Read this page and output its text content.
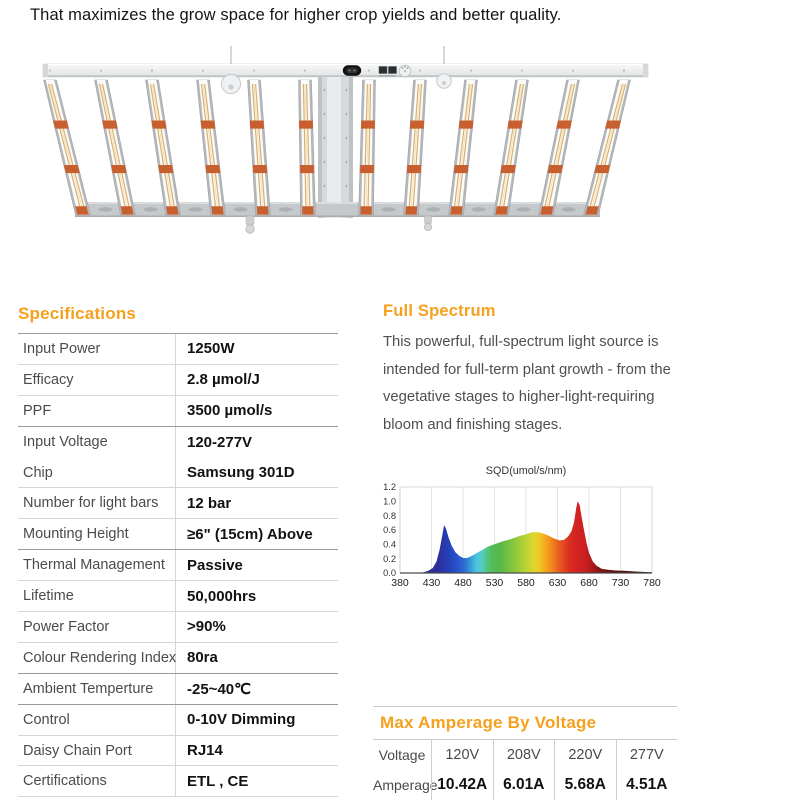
That maximizes the grow space for higher crop yields and better quality.
Specifications
Input Power	1250W
Efficacy	2.8 µmol/J
PPF	3500 µmol/s
Input Voltage	120-277V
Chip	Samsung 301D
Number for light bars	12 bar
Mounting Height	≥6" (15cm) Above
Thermal Management	Passive
Lifetime	50,000hrs
Power Factor	>90%
Colour Rendering Index 80ra
Ambient Temperture	-25~40℃
Control	0-10V Dimming
Daisy Chain Port	RJ14
Certifications	ETL , CE
Full Spectrum
This powerful, full-spectrum light source is
intended for full-term plant growth - from the
vegetative stages to higher-light-requiring
bloom and finishing stages.
380 430 480 530 580 630 680 730 780
0.0
0.2
0.4
0.6
0.8
1.0
1.2
SQD(umol/s/nm)
Max Amperage By Voltage
Voltage	120V	208V	220V	277V
Amperage 10.42A	6.01A	5.68A	4.51A
